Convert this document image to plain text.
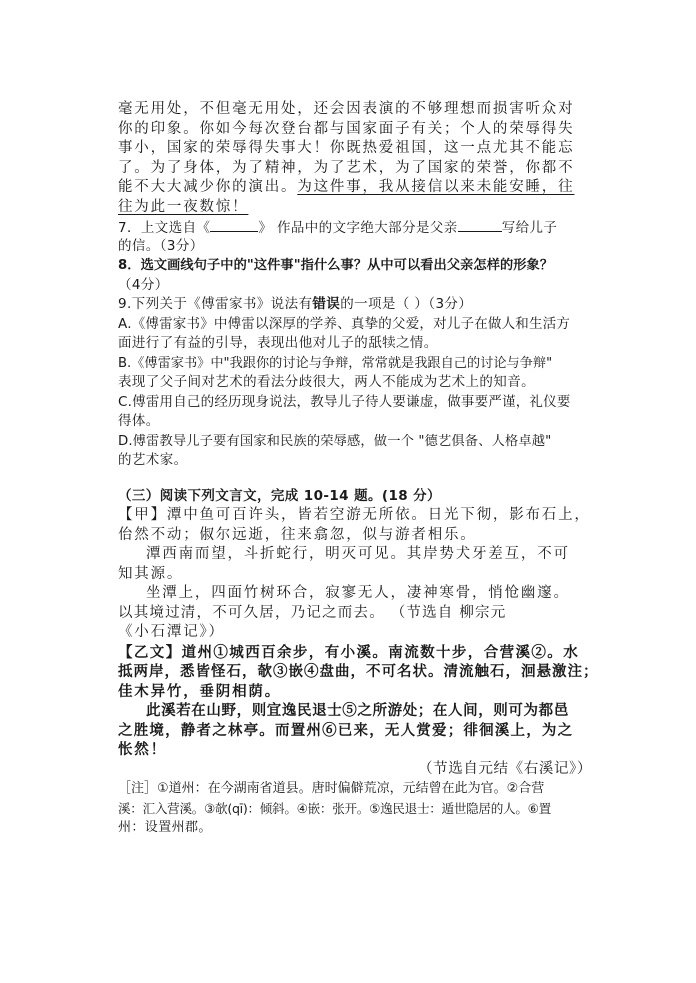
毫无用处，不但毫无用处，还会因表演的不够理想而损害听众对
你的印象。你如今每次登台都与国家面子有关；个人的荣辱得失
事小，国家的荣辱得失事大！你既热爱祖国，这一点尤其不能忘
了。为了身体，为了精神，为了艺术，为了国家的荣誉，你都不
能不大大减少你的演出。为这件事，我从接信以来未能安睡，往
往为此一夜数惊！
7．上文选自《	》 作品中的文字绝大部分是父亲	写给儿子
的信。（3分）
8．选文画线句子中的"这件事"指什么事？从中可以看出父亲怎样的形象？
（4分）
9.下列关于《傅雷家书》说法有错误的一项是（ ）（3分）
A.《傅雷家书》中傅雷以深厚的学养、真挚的父爱，对儿子在做人和生活方
面进行了有益的引导，表现出他对儿子的舐犊之情。
B.《傅雷家书》中"我跟你的讨论与争辩，常常就是我跟自己的讨论与争辩"
表现了父子间对艺术的看法分歧很大，两人不能成为艺术上的知音。
C.傅雷用自己的经历现身说法，教导儿子待人要谦虚，做事要严谨，礼仪要
得体。
D.傅雷教导儿子要有国家和民族的荣辱感，做一个 "德艺俱备、人格卓越"
的艺术家。
（三）阅读下列文言文，完成 10-14 题。(18 分）
【甲】潭中鱼可百许头，皆若空游无所依。日光下彻，影布石上，
佁然不动；俶尔远逝，往来翕忽，似与游者相乐。
潭西南而望，斗折蛇行，明灭可见。其岸势犬牙差互，不可
知其源。
坐潭上，四面竹树环合，寂寥无人，凄神寒骨，悄怆幽邃。
以其境过清，不可久居，乃记之而去。 （节选自 柳宗元
《小石潭记》）
【乙文】道州①城西百余步，有小溪。南流数十步，合营溪②。水
抵两岸，悉皆怪石，欹③嵌④盘曲，不可名状。清流触石，洄悬激注；
佳木异竹，垂阴相荫。
此溪若在山野，则宜逸民退士⑤之所游处；在人间，则可为都邑
之胜境，静者之林亭。而置州⑥已来，无人赏爱；徘徊溪上，为之
怅然！
（节选自元结《右溪记》）
［注］①道州：在今湖南省道县。唐时偏僻荒凉，元结曾在此为官。②合营
溪：汇入营溪。③欹(qī)：倾斜。④嵌：张开。⑤逸民退士：遁世隐居的人。⑥置
州：设置州郡。
